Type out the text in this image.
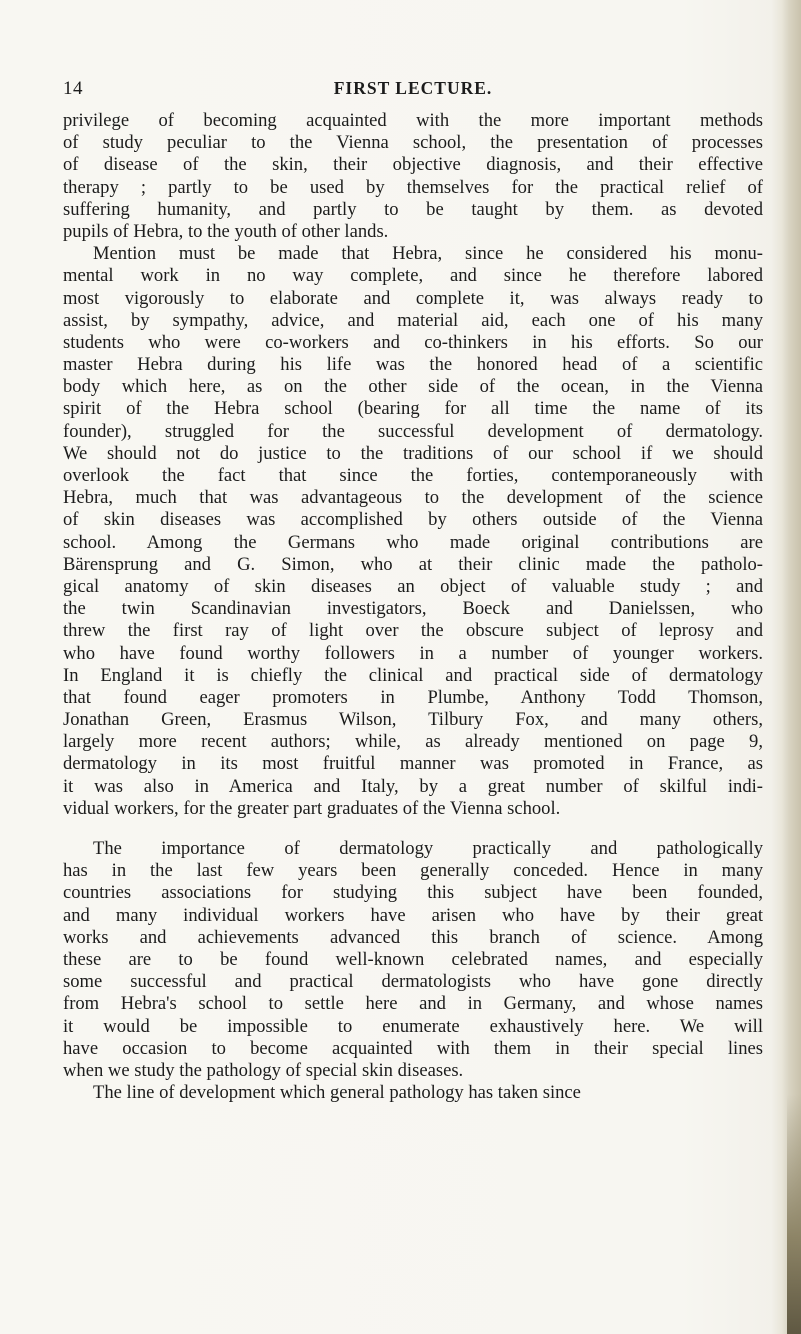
14	FIRST LECTURE.
privilege of becoming acquainted with the more important methods
of study peculiar to the Vienna school, the presentation of processes
of disease of the skin, their objective diagnosis, and their effective
therapy ; partly to be used by themselves for the practical relief of
suffering humanity, and partly to be taught by them. as devoted
pupils of Hebra, to the youth of other lands.
Mention must be made that Hebra, since he considered his monu-
mental work in no way complete, and since he therefore labored
most vigorously to elaborate and complete it, was always ready to
assist, by sympathy, advice, and material aid, each one of his many
students who were co-workers and co-thinkers in his efforts. So our
master Hebra during his life was the honored head of a scientific
body which here, as on the other side of the ocean, in the Vienna
spirit of the Hebra school (bearing for all time the name of its
founder), struggled for the successful development of dermatology.
We should not do justice to the traditions of our school if we should
overlook the fact that since the forties, contemporaneously with
Hebra, much that was advantageous to the development of the science
of skin diseases was accomplished by others outside of the Vienna
school. Among the Germans who made original contributions are
Bärensprung and G. Simon, who at their clinic made the patholo-
gical anatomy of skin diseases an object of valuable study ; and
the twin Scandinavian investigators, Boeck and Danielssen, who
threw the first ray of light over the obscure subject of leprosy and
who have found worthy followers in a number of younger workers.
In England it is chiefly the clinical and practical side of dermatology
that found eager promoters in Plumbe, Anthony Todd Thomson,
Jonathan Green, Erasmus Wilson, Tilbury Fox, and many others,
largely more recent authors; while, as already mentioned on page 9,
dermatology in its most fruitful manner was promoted in France, as
it was also in America and Italy, by a great number of skilful indi-
vidual workers, for the greater part graduates of the Vienna school.
The importance of dermatology practically and pathologically
has in the last few years been generally conceded. Hence in many
countries associations for studying this subject have been founded,
and many individual workers have arisen who have by their great
works and achievements advanced this branch of science. Among
these are to be found well-known celebrated names, and especially
some successful and practical dermatologists who have gone directly
from Hebra's school to settle here and in Germany, and whose names
it would be impossible to enumerate exhaustively here. We will
have occasion to become acquainted with them in their special lines
when we study the pathology of special skin diseases.
The line of development which general pathology has taken since
